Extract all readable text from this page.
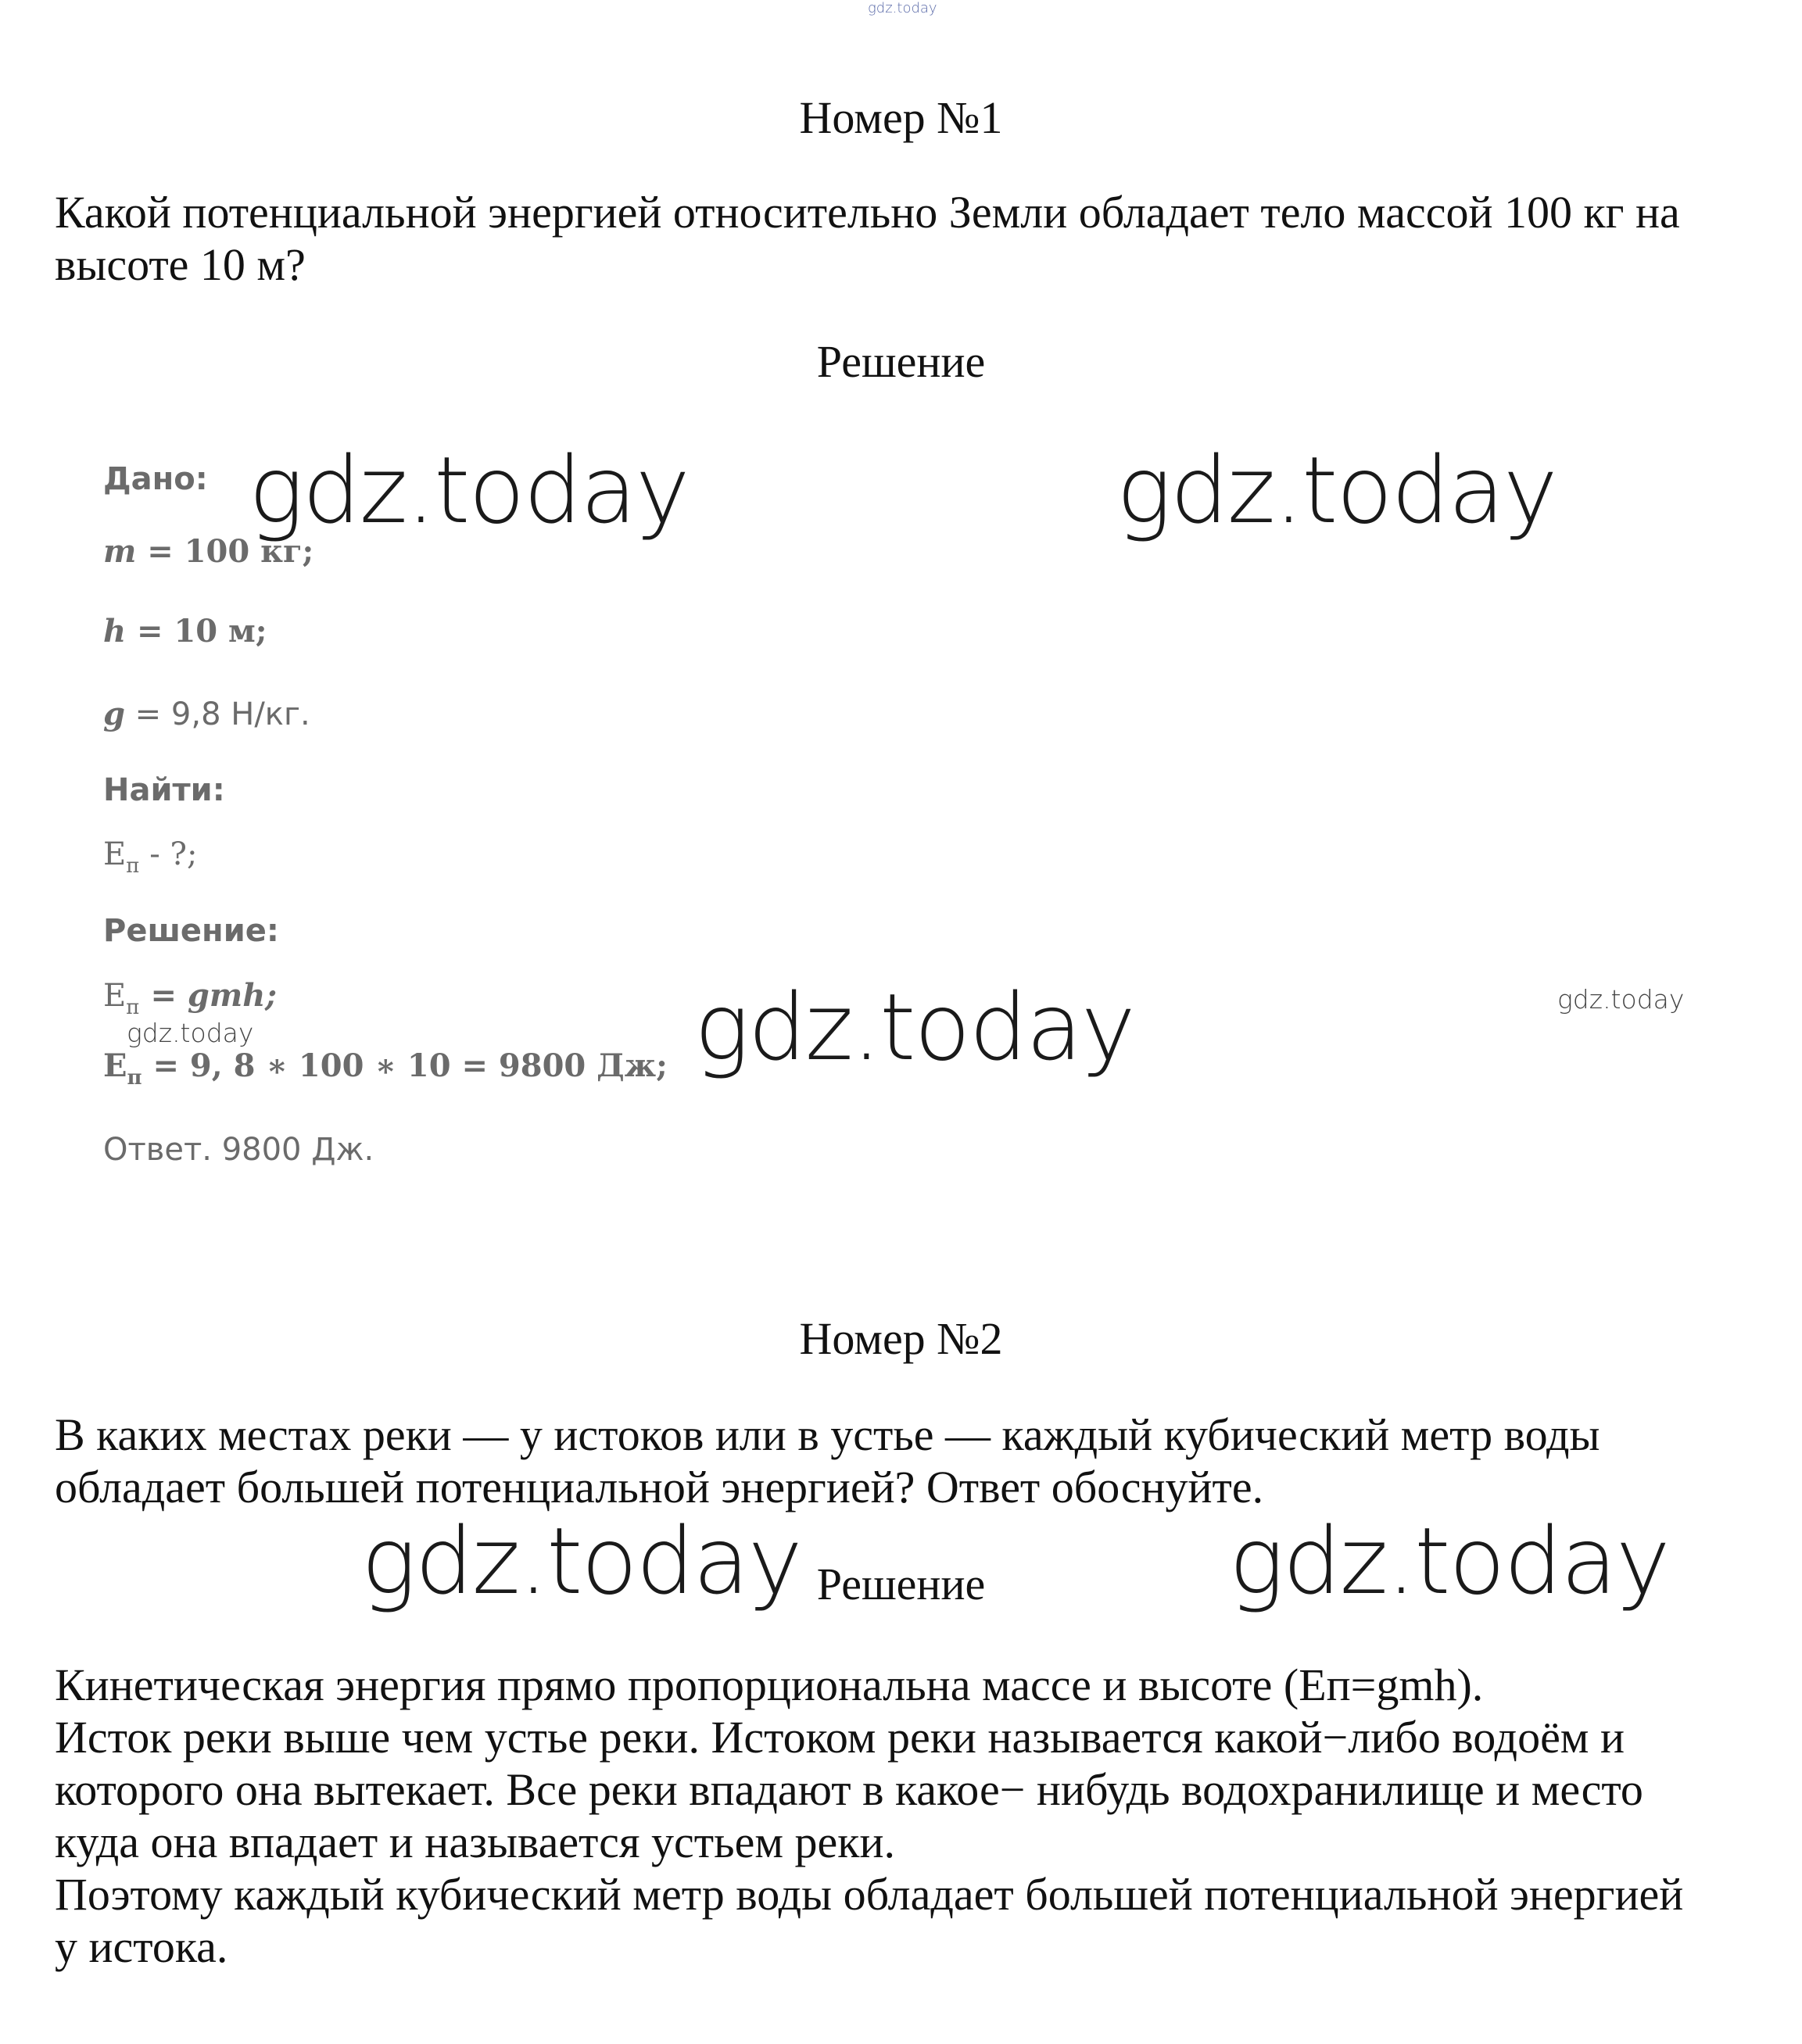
gdz.today
Номер №1

Какой потенциальной энергией относительно Земли обладает тело массой 100 кг на высоте 10 м?

Решение
Дано:
m = 100 кг;
h = 10 м;
g = 9,8 Н/кг.
Найти:
$E_п$ - ?;
Решение:
$E_п$ = gmh;
$E_п = 9$, 8 ∗ 100 ∗ 10 = 9800 Дж;
Ответ. 9800 Дж.
gdz.today	gdz.today
gdz.today	gdz.today
gdz.today
Номер №2

В каких местах реки — у истоков или в устье — каждый кубический метр воды обладает большей потенциальной энергией? Ответ обоснуйте.

Решение
gdz.today	gdz.today
Кинетическая энергия прямо пропорциональна массе и высоте (Еп=gmh).
Исток реки выше чем устье реки. Истоком реки называется какой−либо водоём и
которого она вытекает. Все реки впадают в какое− нибудь водохранилище и место
куда она впадает и называется устьем реки.
Поэтому каждый кубический метр воды обладает большей потенциальной энергией
у истока.
